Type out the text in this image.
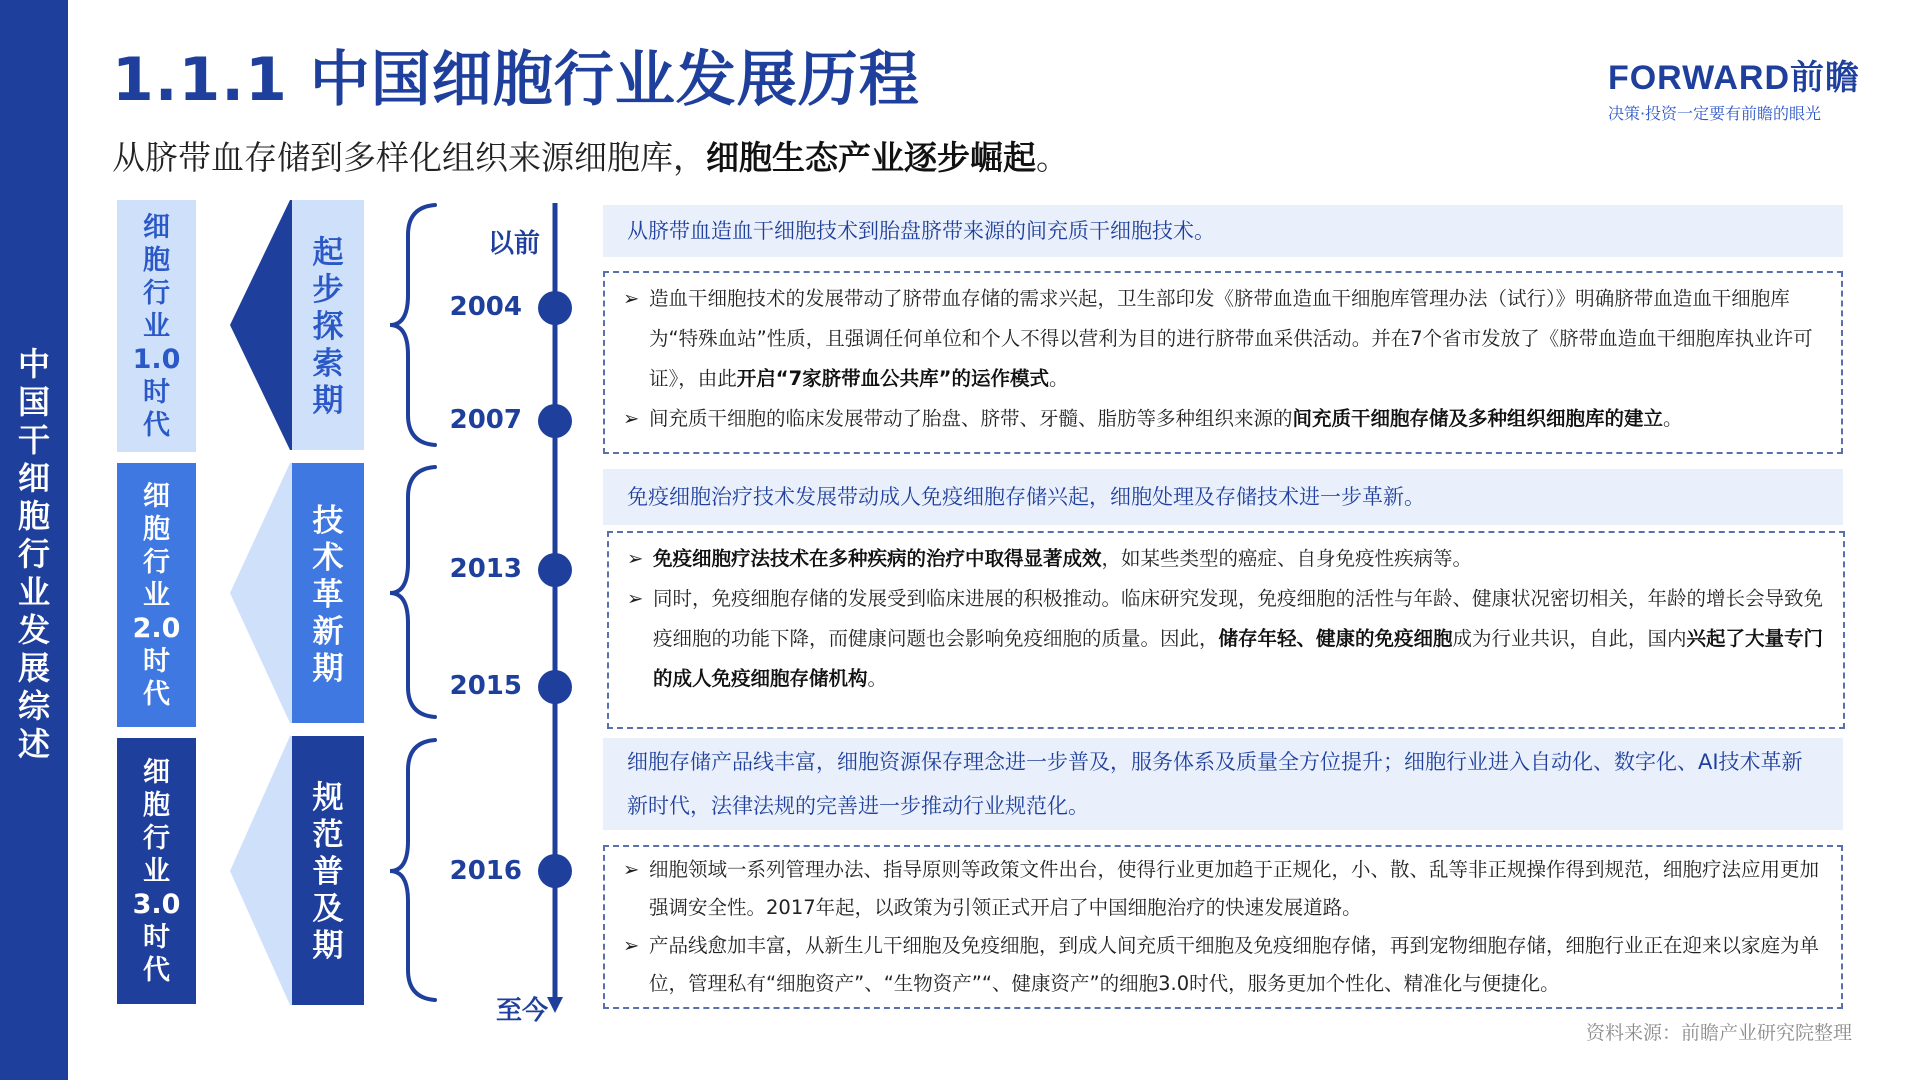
中
国
干
细
胞
行
业
发
展
综
述
1.1.1 中国细胞行业发展历程	FORWARD前瞻
决策·投资一定要有前瞻的眼光
从脐带血存储到多样化组织来源细胞库，细胞生态产业逐步崛起。
细
胞
行
业
1.0
时
代
细
胞
行
业
2.0
时
代
细
胞
行
业
3.0
时
代
起
步
探
索
期
技
术
革
新
期
规
范
普
及
期
以前
2004
2007
2013
2015
2016
至今
从脐带血造血干细胞技术到胎盘脐带来源的间充质干细胞技术。
➢ 造血干细胞技术的发展带动了脐带血存储的需求兴起，卫生部印发《脐带血造血干细胞库管理办法（试行）》明确脐带血造血干细胞库为“特殊血站”性质，且强调任何单位和个人不得以营利为目的进行脐带血采供活动。并在7个省市发放了《脐带血造血干细胞库执业许可证》，由此开启“7家脐带血公共库”的运作模式。
➢ 间充质干细胞的临床发展带动了胎盘、脐带、牙髓、脂肪等多种组织来源的间充质干细胞存储及多种组织细胞库的建立。
免疫细胞治疗技术发展带动成人免疫细胞存储兴起，细胞处理及存储技术进一步革新。
➢ 免疫细胞疗法技术在多种疾病的治疗中取得显著成效，如某些类型的癌症、自身免疫性疾病等。
➢ 同时，免疫细胞存储的发展受到临床进展的积极推动。临床研究发现，免疫细胞的活性与年龄、健康状况密切相关，年龄的增长会导致免疫细胞的功能下降，而健康问题也会影响免疫细胞的质量。因此，储存年轻、健康的免疫细胞成为行业共识，自此，国内兴起了大量专门的成人免疫细胞存储机构。
细胞存储产品线丰富，细胞资源保存理念进一步普及，服务体系及质量全方位提升；细胞行业进入自动化、数字化、AI技术革新新时代，法律法规的完善进一步推动行业规范化。
➢ 细胞领域一系列管理办法、指导原则等政策文件出台，使得行业更加趋于正规化，小、散、乱等非正规操作得到规范，细胞疗法应用更加强调安全性。2017年起，以政策为引领正式开启了中国细胞治疗的快速发展道路。
➢ 产品线愈加丰富，从新生儿干细胞及免疫细胞，到成人间充质干细胞及免疫细胞存储，再到宠物细胞存储，细胞行业正在迎来以家庭为单位，管理私有“细胞资产”、“生物资产”“、健康资产”的细胞3.0时代，服务更加个性化、精准化与便捷化。
资料来源：前瞻产业研究院整理
